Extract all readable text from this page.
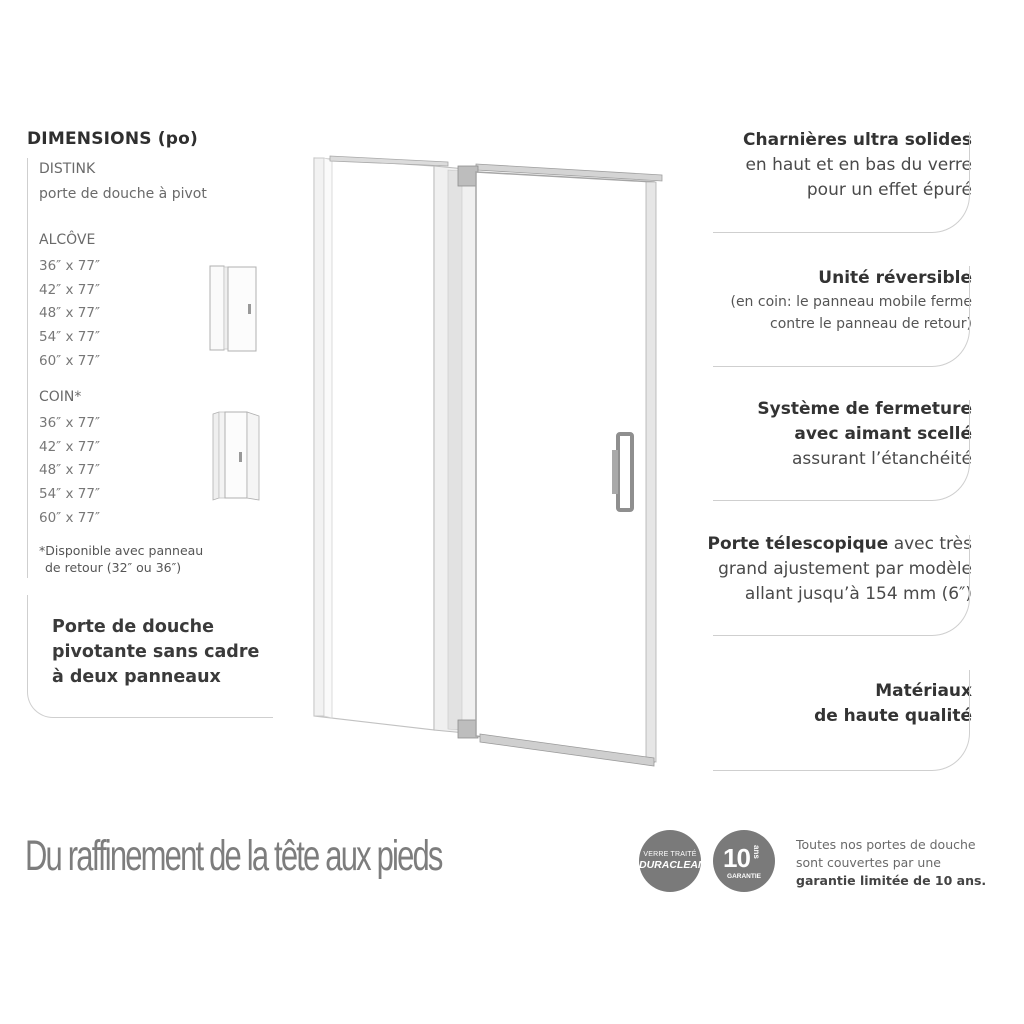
DIMENSIONS (po)
DISTINK
porte de douche à pivot
ALCÔVE
36″ x 77″
42″ x 77″
48″ x 77″
54″ x 77″
60″ x 77″
COIN*
36″ x 77″
42″ x 77″
48″ x 77″
54″ x 77″
60″ x 77″
*Disponible avec panneau
de retour (32″ ou 36″)
Porte de douche
pivotante sans cadre
à deux panneaux
Charnières ultra solides
en haut et en bas du verre
pour un effet épuré
Unité réversible
(en coin: le panneau mobile ferme
contre le panneau de retour)
Système de fermeture
avec aimant scellé
assurant l’étanchéité
Porte télescopique avec très
grand ajustement par modèle
allant jusqu’à 154 mm (6″)
Matériaux
de haute qualité
Du raffinement de la tête aux pieds	VERRE TRAITÉ
DURACLEAN 10 ans
GARANTIE
Toutes nos portes de douche
sont couvertes par une
garantie limitée de 10 ans.
